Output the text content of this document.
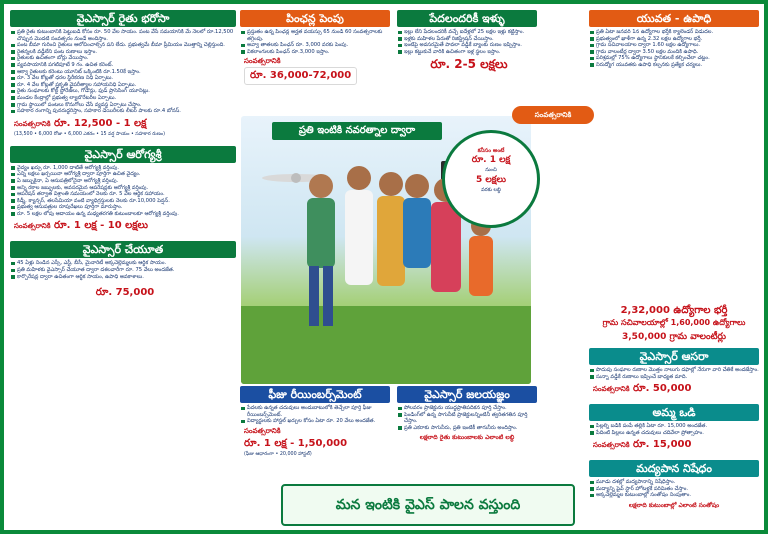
వైఎస్సార్ రైతు భరోసా
ప్రతి రైతు కుటుంబానికి పెట్టుబడి కోసం రూ. 50 వేల సాయం. పంట వేసే సమయానికి మే నెలలో రూ.12,500 చొప్పున మొదటి సంవత్సరం నుండే అందిస్తాం.
పంట బీమా గురించి రైతులు ఆలోచించాల్సిన పని లేదు. ప్రభుత్వమే బీమా ప్రీమియం మొత్తాన్ని చెల్లిస్తుంది.
రైతన్నలకి వడ్డీలేని పంట రుణాలు ఇస్తాం.
రైతులకు ఉచితంగా బోర్లు వేయిస్తాం.
వ్యవసాయానికి పగటిపూటే 9 గం. ఉచిత కరెంట్.
ఆక్వా రైతులకు కరెంటు యూనిట్ ఒక్కింటికి రూ.1.50కే ఇస్తాం.
రూ. 3 వేల కోట్లతో ధరల స్థిరీకరణ నిధి ఏర్పాటు.
రూ. 4 వేల కోట్లతో ప్రకృతి వైపరీత్యాల సహాయనిధి ఏర్పాటు.
రైతు సంఘాలకు కోల్డ్ స్టోరేజ్‌లు, గోడౌన్లు, ఫుడ్ ప్రాసెసింగ్ యూనిట్లు.
మండల కేంద్రాల్లో ప్రభుత్వ ల్యాబొరేటరీల ఏర్పాటు.
గ్రామ స్థాయిలో పంటలు కొనుగోలు చేసే వ్యవస్థ ఏర్పాటు చేస్తాం.
సహకార రంగాన్ని పునరుద్ధరిస్తాం, సహకార డెయిరీలకు లీటర్ పాలకు రూ.4 బోనస్.
సంవత్సరానికి రూ. 12,500 - 1 లక్ష
(13,500 • 6,000 రోజు • 6,000 ఎకరం • 15 వర్ష సాయం • సహకార రుణం)
వైఎస్సార్ ఆరోగ్యశ్రీ
వైద్యం ఖర్చు రూ. 1,000 దాటితే ఆరోగ్యశ్రీ వర్తింపు.
ఎన్ని లక్షలు ఖర్చయినా ఆరోగ్యశ్రీ ద్వారా పూర్తిగా ఉచిత వైద్యం.
ఏ జబ్బుకైనా, ఏ ఆసుపత్రిలోనైనా ఆరోగ్యశ్రీ వర్తింపు.
అన్ని రకాల జబ్బులకు, అవసరమైన ఆపరేషన్లకు ఆరోగ్యశ్రీ వర్తింపు.
ఆపరేషన్ తర్వాత విశ్రాంతి సమయంలో నెలకు రూ. 5 వేల ఆర్థిక సహాయం.
కిడ్నీ, క్యాన్సర్, తలసేమియా వంటి వ్యాధిగ్రస్తులకు నెలకు రూ.10,000 పెన్షన్.
ప్రభుత్వ ఆసుపత్రుల రూపురేఖలు పూర్తిగా మారుస్తాం.
రూ. 5 లక్షల లోపు ఆదాయం ఉన్న మధ్యతరగతి కుటుంబాలకూ ఆరోగ్యశ్రీ వర్తింపు.
సంవత్సరానికి రూ. 1 లక్ష - 10 లక్షలు
వైఎస్సార్ చేయూత
45 ఏళ్లు నిండిన ఎస్సీ, ఎస్టీ, బీసీ, మైనారిటీ అక్కచెల్లెమ్మలకు ఆర్థిక సాయం.
ప్రతి మహిళకు వైఎస్సార్ చేయూత ద్వారా దశలవారీగా రూ. 75 వేలు అందజేత.
కార్పొరేషన్ల ద్వారా ఉచితంగా ఆర్థిక సాయం, ఉపాధి అవకాశాలు.
రూ. 75,000
పింఛన్ల పెంపు
ప్రస్తుతం ఉన్న పింఛన్ల అర్హత వయస్సు 65 నుండి 60 సంవత్సరాలకు తగ్గింపు.
అవ్వా తాతలకు పింఛన్ రూ. 3,000 వరకు పెంపు.
వికలాంగులకు పింఛన్ రూ.3,000 ఇస్తాం.
సంవత్సరానికి
రూ. 36,000-72,000
పేదలందరికీ ఇళ్ళు
ఇల్లు లేని పేదలందరికీ వచ్చే ఐదేళ్లలో 25 లక్షల ఇళ్లు కట్టిస్తాం.
ఇళ్లకు మహిళల పేరుతో రిజిస్ట్రేషన్ చేయిస్తాం.
ఇంటిపై అవసరమైతే పావలా వడ్డీకే బ్యాంకు రుణం ఇప్పిస్తాం.
ఇల్లు కట్టుకునే వారికి ఉచితంగా ఇళ్ల స్థలం ఇస్తాం.
రూ. 2-5 లక్షలు
ప్రతి ఇంటికి నవరత్నాల ద్వారా
సంవత్సరానికి
కనీసం అంటే
రూ. 1 లక్ష
నుంచి
5 లక్షలు
వరకు లబ్ధి
ఫీజు రీయింబర్స్‌మెంట్
పేదలకు ఉన్నత చదువులు అందుబాటులోకి తెచ్చేలా పూర్తి ఫీజు రీయింబర్స్‌మెంట్.
విద్యార్థులకు హాస్టల్ ఖర్చుల కోసం ఏటా రూ. 20 వేలు అందజేత.
సంవత్సరానికి
రూ. 1 లక్ష - 1,50,000
(ఫీజు ఆధారంగా • 20,000 హాస్టల్)
వైఎస్సార్ జలయజ్ఞం
పోలవరం ప్రాజెక్టును యుద్ధప్రాతిపదికన పూర్తి చేస్తాం.
పెండింగ్‌లో ఉన్న సాగునీటి ప్రాజెక్టులన్నింటినీ త్వరితగతిన పూర్తి చేస్తాం.
ప్రతి ఎకరాకు సాగునీరు, ప్రతి ఇంటికీ తాగునీరు అందిస్తాం.
లక్షలాది రైతు కుటుంబాలకు ఎలాంటి లబ్ధి
మన ఇంటికి వైఎస్ పాలన వస్తుంది
యువత - ఉపాధి
ప్రతి ఏటా జనవరి 1న ఉద్యోగాల భర్తీకి క్యాలెండర్ విడుదల.
ప్రభుత్వంలో ఖాళీగా ఉన్న 2.32 లక్షల ఉద్యోగాల భర్తీ.
గ్రామ సచివాలయాల ద్వారా 1.60 లక్షల ఉద్యోగాలు.
గ్రామ వాలంటీర్ల ద్వారా 3.50 లక్షల మందికి ఉపాధి.
పరిశ్రమల్లో 75% ఉద్యోగాలు స్థానికులకే కల్పించేలా చట్టం.
నిరుద్యోగ యువతకు ఉపాధి కల్పనకు ప్రత్యేక చర్యలు.
2,32,000 ఉద్యోగాల భర్తీ
గ్రామ సచివాలయాల్లో 1,60,000 ఉద్యోగాలు
3,50,000 గ్రామ వాలంటీర్లు
వైఎస్సార్ ఆసరా
పొదుపు సంఘాల రుణాల మొత్తం నాలుగు దఫాల్లో నేరుగా వారి చేతికే అందజేస్తాం.
సున్నా వడ్డీకే రుణాలు ఇప్పించే బాధ్యత మాది.
సంవత్సరానికి రూ. 50,000
అమ్మ ఒడి
పిల్లల్ని బడికి పంపే తల్లికి ఏటా రూ. 15,000 అందజేత.
పేదింటి పిల్లలు ఉన్నత చదువులు చదివేలా ప్రోత్సాహం.
సంవత్సరానికి రూ. 15,000
మద్యపాన నిషేధం
మూడు దశల్లో మద్యపానాన్ని నిషేధిస్తాం.
మద్యాన్ని ఫైవ్ స్టార్ హోటళ్లకే పరిమితం చేస్తాం.
అక్కచెల్లెమ్మల కుటుంబాల్లో సంతోషం నింపుతాం.
లక్షలాది కుటుంబాల్లో ఎలాంటి సంతోషం
